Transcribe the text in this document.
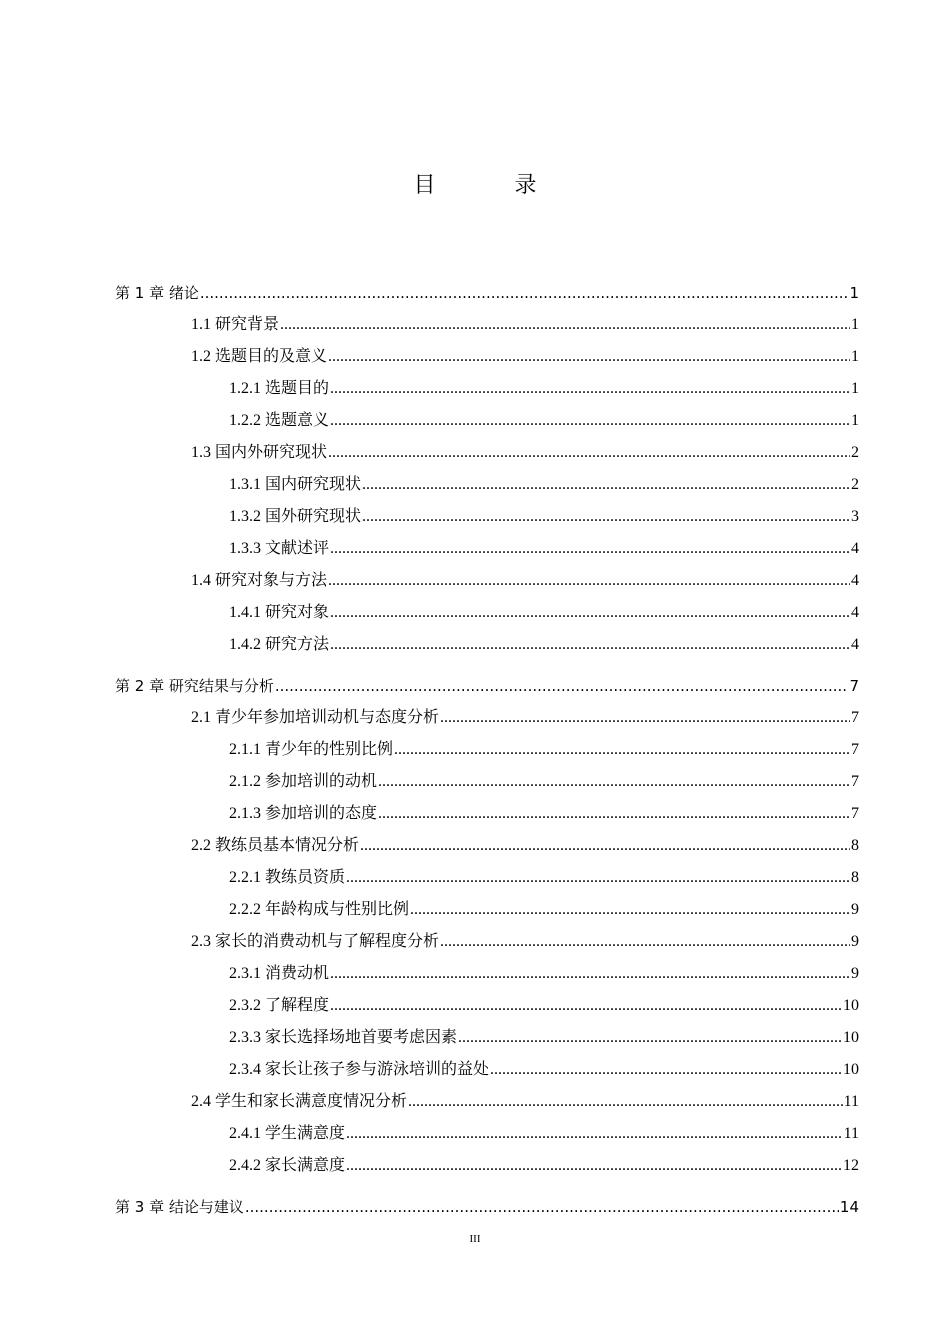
目 录
第 1 章 绪论 .....	1
1.1 研究背景 .....	1
1.2 选题目的及意义 .....	1
1.2.1 选题目的 .....	1
1.2.2 选题意义 .....	1
1.3 国内外研究现状 .....	2
1.3.1 国内研究现状 .....	2
1.3.2 国外研究现状 .....	3
1.3.3 文献述评 .....	4
1.4 研究对象与方法 .....	4
1.4.1 研究对象 .....	4
1.4.2 研究方法 .....	4
第 2 章 研究结果与分析 .....	7
2.1 青少年参加培训动机与态度分析 .....	7
2.1.1 青少年的性别比例 .....	7
2.1.2 参加培训的动机 .....	7
2.1.3 参加培训的态度 .....	7
2.2 教练员基本情况分析 .....	8
2.2.1 教练员资质 .....	8
2.2.2 年龄构成与性别比例 .....	9
2.3 家长的消费动机与了解程度分析 .....	9
2.3.1 消费动机 .....	9
2.3.2 了解程度 .....	10
2.3.3 家长选择场地首要考虑因素 .....	10
2.3.4 家长让孩子参与游泳培训的益处 .....	10
2.4 学生和家长满意度情况分析 .....	11
2.4.1 学生满意度 .....	11
2.4.2 家长满意度 .....	12
第 3 章 结论与建议 .....	14
III
